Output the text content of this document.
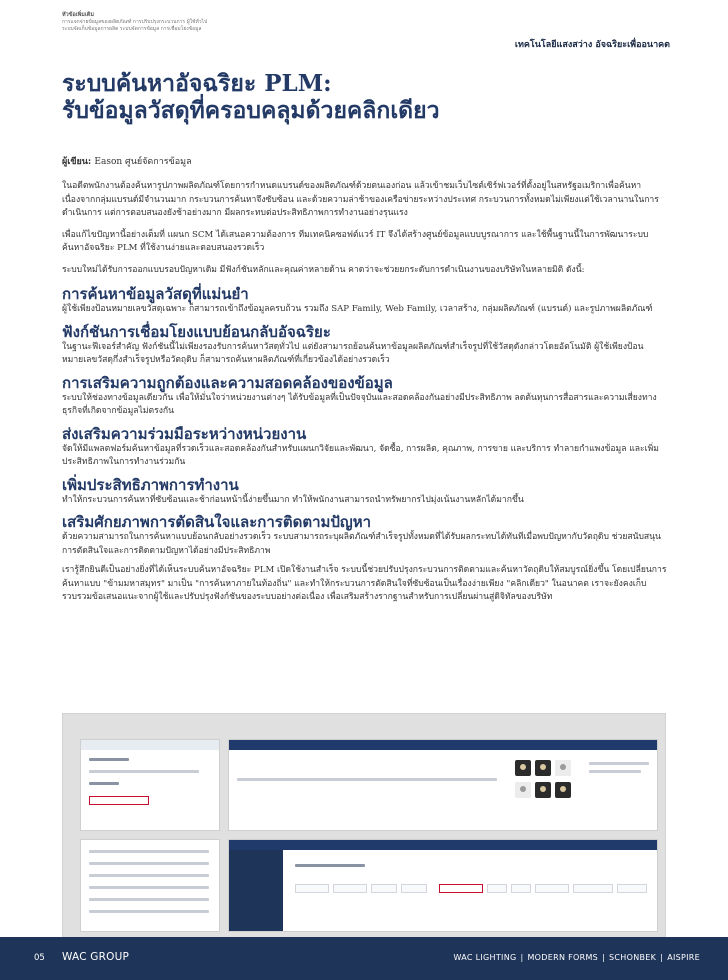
หัวข้อเพิ่มเติม
การแจกจ่ายข้อมูลของผลิตภัณฑ์ การปรับปรุงกระบวนการ ผู้ใช้ทั่วไป
ระบบจัดเก็บข้อมูลการผลิต ระบบจัดการข้อมูล การเชื่อมโยงข้อมูล
เทคโนโลยีแสงสว่าง อัจฉริยะเพื่ออนาคต
ระบบค้นหาอัจฉริยะ PLM:
รับข้อมูลวัสดุที่ครอบคลุมด้วยคลิกเดียว
ผู้เขียน: Eason ศูนย์จัดการข้อมูล

ในอดีตพนักงานต้องค้นหารูปภาพผลิตภัณฑ์โดยการกำหนดแบรนด์ของผลิตภัณฑ์ด้วยตนเองก่อน แล้วเข้าชมเว็บไซต์เซิร์ฟเวอร์ที่ตั้งอยู่ในสหรัฐอเมริกาเพื่อค้นหา เนื่องจากกลุ่มแบรนด์มีจำนวนมาก กระบวนการค้นหาจึงซับซ้อน และด้วยความล่าช้าของเครือข่ายระหว่างประเทศ กระบวนการทั้งหมดไม่เพียงแต่ใช้เวลานานในการดำเนินการ แต่การตอบสนองยังช้าอย่างมาก มีผลกระทบต่อประสิทธิภาพการทำงานอย่างรุนแรง

เพื่อแก้ไขปัญหานี้อย่างเต็มที่ แผนก SCM ได้เสนอความต้องการ ทีมเทคนิคซอฟต์แวร์ IT จึงได้สร้างศูนย์ข้อมูลแบบบูรณาการ และใช้พื้นฐานนี้ในการพัฒนาระบบค้นหาอัจฉริยะ PLM ที่ใช้งานง่ายและตอบสนองรวดเร็ว

ระบบใหม่ได้รับการออกแบบรอบปัญหาเดิม มีฟังก์ชันหลักและคุณค่าหลายด้าน คาดว่าจะช่วยยกระดับการดำเนินงานของบริษัทในหลายมิติ ดังนี้:

การค้นหาข้อมูลวัสดุที่แม่นยำ

ผู้ใช้เพียงป้อนหมายเลขวัสดุเฉพาะ ก็สามารถเข้าถึงข้อมูลครบถ้วน รวมถึง SAP Family, Web Family, เวลาสร้าง, กลุ่มผลิตภัณฑ์ (แบรนด์) และรูปภาพผลิตภัณฑ์

ฟังก์ชันการเชื่อมโยงแบบย้อนกลับอัจฉริยะ

ในฐานะฟีเจอร์สำคัญ ฟังก์ชันนี้ไม่เพียงรองรับการค้นหาวัสดุทั่วไป แต่ยังสามารถย้อนค้นหาข้อมูลผลิตภัณฑ์สำเร็จรูปที่ใช้วัสดุดังกล่าวโดยอัตโนมัติ ผู้ใช้เพียงป้อนหมายเลขวัสดุกึ่งสำเร็จรูปหรือวัตถุดิบ ก็สามารถค้นหาผลิตภัณฑ์ที่เกี่ยวข้องได้อย่างรวดเร็ว

การเสริมความถูกต้องและความสอดคล้องของข้อมูล

ระบบให้ช่องทางข้อมูลเดียวกัน เพื่อให้มั่นใจว่าหน่วยงานต่างๆ ได้รับข้อมูลที่เป็นปัจจุบันและสอดคล้องกันอย่างมีประสิทธิภาพ ลดต้นทุนการสื่อสารและความเสี่ยงทางธุรกิจที่เกิดจากข้อมูลไม่ตรงกัน

ส่งเสริมความร่วมมือระหว่างหน่วยงาน

จัดให้มีแพลตฟอร์มค้นหาข้อมูลที่รวดเร็วและสอดคล้องกันสำหรับแผนกวิจัยและพัฒนา, จัดซื้อ, การผลิต, คุณภาพ, การขาย และบริการ ทำลายกำแพงข้อมูล และเพิ่มประสิทธิภาพในการทำงานร่วมกัน

เพิ่มประสิทธิภาพการทำงาน

ทำให้กระบวนการค้นหาที่ซับซ้อนและช้าก่อนหน้านี้ง่ายขึ้นมาก ทำให้พนักงานสามารถนำทรัพยากรไปมุ่งเน้นงานหลักได้มากขึ้น

เสริมศักยภาพการตัดสินใจและการติดตามปัญหา

ด้วยความสามารถในการค้นหาแบบย้อนกลับอย่างรวดเร็ว ระบบสามารถระบุผลิตภัณฑ์สำเร็จรูปทั้งหมดที่ได้รับผลกระทบได้ทันทีเมื่อพบปัญหากับวัตถุดิบ ช่วยสนับสนุนการตัดสินใจและการติดตามปัญหาได้อย่างมีประสิทธิภาพ

เรารู้สึกยินดีเป็นอย่างยิ่งที่ได้เห็นระบบค้นหาอัจฉริยะ PLM เปิดใช้งานสำเร็จ ระบบนี้ช่วยปรับปรุงกระบวนการติดตามและค้นหาวัตถุดิบให้สมบูรณ์ยิ่งขึ้น โดยเปลี่ยนการค้นหาแบบ "ข้ามมหาสมุทร" มาเป็น "การค้นหาภายในท้องถิ่น" และทำให้กระบวนการตัดสินใจที่ซับซ้อนเป็นเรื่องง่ายเพียง "คลิกเดียว" ในอนาคต เราจะยังคงเก็บรวบรวมข้อเสนอแนะจากผู้ใช้และปรับปรุงฟังก์ชันของระบบอย่างต่อเนื่อง เพื่อเสริมสร้างรากฐานสำหรับการเปลี่ยนผ่านสู่ดิจิทัลของบริษัท

05 WAC GROUP	WAC LIGHTING | MODERN FORMS | SCHONBEK | AISPIRE
